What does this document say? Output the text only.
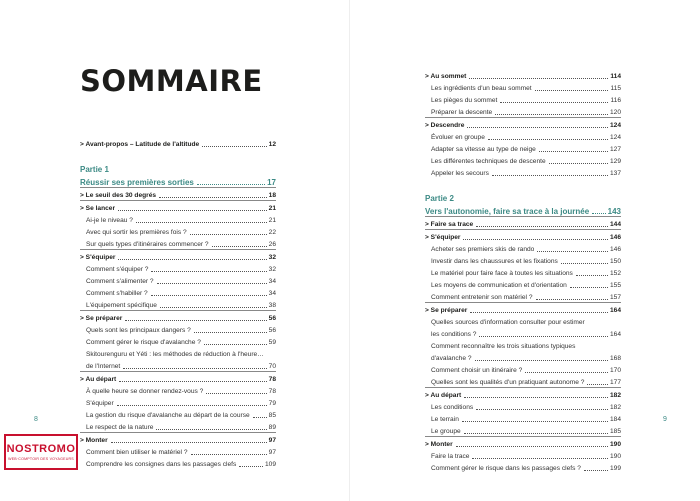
SOMMAIRE
> Avant-propos – Latitude de l'altitude	12
Partie 1
Réussir ses premières sorties	17
> Le seuil des 30 degrés	18
> Se lancer	21
Ai-je le niveau ?	21
Avec qui sortir les premières fois ?	22
Sur quels types d'itinéraires commencer ?	26
> S'équiper	32
Comment s'équiper ?	32
Comment s'alimenter ?	34
Comment s'habiller ?	34
L'équipement spécifique	38
> Se préparer	56
Quels sont les principaux dangers ?	56
Comment gérer le risque d'avalanche ?	59
Skitourenguru et Yéti : les méthodes de réduction à l'heure…
de l'Internet	70
> Au départ	78
À quelle heure se donner rendez-vous ?	78
S'équiper	79
La gestion du risque d'avalanche au départ de la course	85
Le respect de la nature	89
> Monter	97
Comment bien utiliser le matériel ?	97
Comprendre les consignes dans les passages clefs	109
> Au sommet	114
Les ingrédients d'un beau sommet	115
Les pièges du sommet	116
Préparer la descente	120
> Descendre	124
Évoluer en groupe	124
Adapter sa vitesse au type de neige	127
Les différentes techniques de descente	129
Appeler les secours	137
Partie 2
Vers l'autonomie, faire sa trace à la journée 143
> Faire sa trace	144
> S'équiper	146
Acheter ses premiers skis de rando	146
Investir dans les chaussures et les fixations	150
Le matériel pour faire face à toutes les situations	152
Les moyens de communication et d'orientation	155
Comment entretenir son matériel ?	157
> Se préparer	164
Quelles sources d'information consulter pour estimer
les conditions ?	164
Comment reconnaître les trois situations typiques
d'avalanche ?	168
Comment choisir un itinéraire ?	170
Quelles sont les qualités d'un pratiquant autonome ?	177
> Au départ	182
Les conditions	182
Le terrain	184
Le groupe	185
> Monter	190
Faire la trace	190
Comment gérer le risque dans les passages clefs ?	199
8	9
NOSTROMO
WEB·COMPTOIR DES VOYAGEURS
